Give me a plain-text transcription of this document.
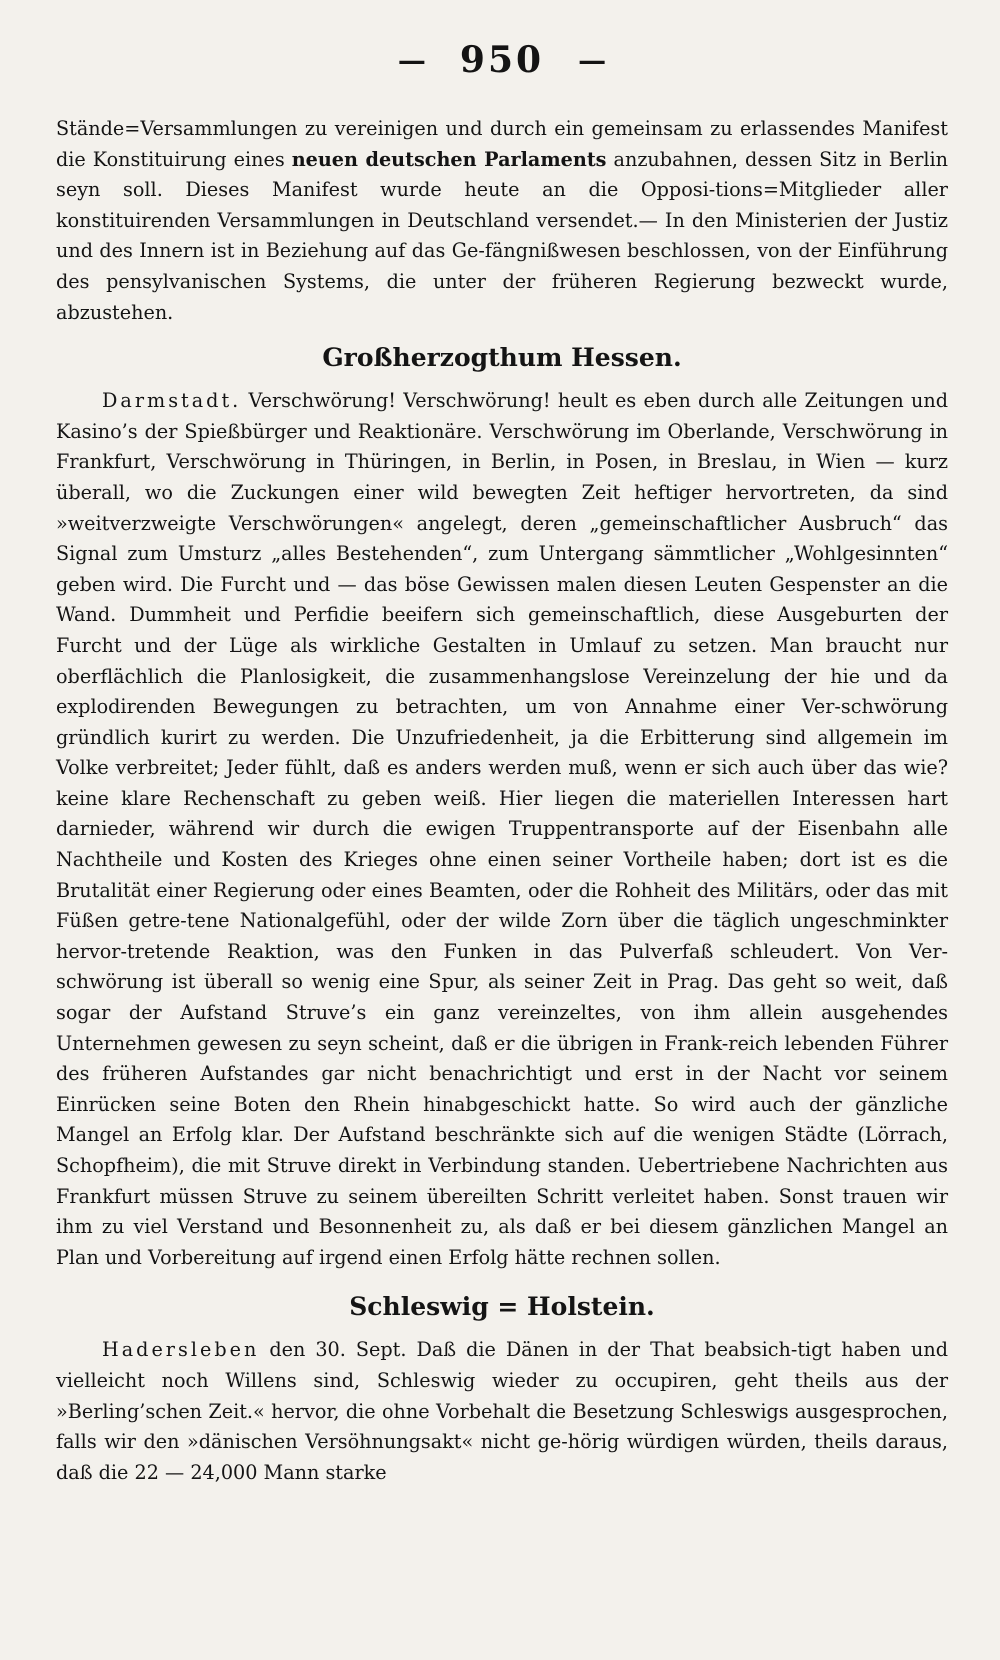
— 950 —

Stände=Versammlungen zu vereinigen und durch ein gemeinsam zu erlassendes Manifest die Konstituirung eines neuen deutschen Parlaments anzubahnen, dessen Sitz in Berlin seyn soll. Dieses Manifest wurde heute an die Opposi-tions=Mitglieder aller konstituirenden Versammlungen in Deutschland versendet.— In den Ministerien der Justiz und des Innern ist in Beziehung auf das Ge-fängnißwesen beschlossen, von der Einführung des pensylvanischen Systems, die unter der früheren Regierung bezweckt wurde, abzustehen.

Großherzogthum Hessen.

Darmstadt. Verschwörung! Verschwörung! heult es eben durch alle Zeitungen und Kasino’s der Spießbürger und Reaktionäre. Verschwörung im Oberlande, Verschwörung in Frankfurt, Verschwörung in Thüringen, in Berlin, in Posen, in Breslau, in Wien — kurz überall, wo die Zuckungen einer wild bewegten Zeit heftiger hervortreten, da sind »weitverzweigte Verschwörungen« angelegt, deren „gemeinschaftlicher Ausbruch“ das Signal zum Umsturz „alles Bestehenden“, zum Untergang sämmtlicher „Wohlgesinnten“ geben wird. Die Furcht und — das böse Gewissen malen diesen Leuten Gespenster an die Wand. Dummheit und Perfidie beeifern sich gemeinschaftlich, diese Ausgeburten der Furcht und der Lüge als wirkliche Gestalten in Umlauf zu setzen. Man braucht nur oberflächlich die Planlosigkeit, die zusammenhangslose Vereinzelung der hie und da explodirenden Bewegungen zu betrachten, um von Annahme einer Ver-schwörung gründlich kurirt zu werden. Die Unzufriedenheit, ja die Erbitterung sind allgemein im Volke verbreitet; Jeder fühlt, daß es anders werden muß, wenn er sich auch über das wie? keine klare Rechenschaft zu geben weiß. Hier liegen die materiellen Interessen hart darnieder, während wir durch die ewigen Truppentransporte auf der Eisenbahn alle Nachtheile und Kosten des Krieges ohne einen seiner Vortheile haben; dort ist es die Brutalität einer Regierung oder eines Beamten, oder die Rohheit des Militärs, oder das mit Füßen getre-tene Nationalgefühl, oder der wilde Zorn über die täglich ungeschminkter hervor-tretende Reaktion, was den Funken in das Pulverfaß schleudert. Von Ver-schwörung ist überall so wenig eine Spur, als seiner Zeit in Prag. Das geht so weit, daß sogar der Aufstand Struve’s ein ganz vereinzeltes, von ihm allein ausgehendes Unternehmen gewesen zu seyn scheint, daß er die übrigen in Frank-reich lebenden Führer des früheren Aufstandes gar nicht benachrichtigt und erst in der Nacht vor seinem Einrücken seine Boten den Rhein hinabgeschickt hatte. So wird auch der gänzliche Mangel an Erfolg klar. Der Aufstand beschränkte sich auf die wenigen Städte (Lörrach, Schopfheim), die mit Struve direkt in Verbindung standen. Uebertriebene Nachrichten aus Frankfurt müssen Struve zu seinem übereilten Schritt verleitet haben. Sonst trauen wir ihm zu viel Verstand und Besonnenheit zu, als daß er bei diesem gänzlichen Mangel an Plan und Vorbereitung auf irgend einen Erfolg hätte rechnen sollen.

Schleswig = Holstein.

Hadersleben den 30. Sept. Daß die Dänen in der That beabsich-tigt haben und vielleicht noch Willens sind, Schleswig wieder zu occupiren, geht theils aus der »Berling’schen Zeit.« hervor, die ohne Vorbehalt die Besetzung Schleswigs ausgesprochen, falls wir den »dänischen Versöhnungsakt« nicht ge-hörig würdigen würden, theils daraus, daß die 22 — 24,000 Mann starke
